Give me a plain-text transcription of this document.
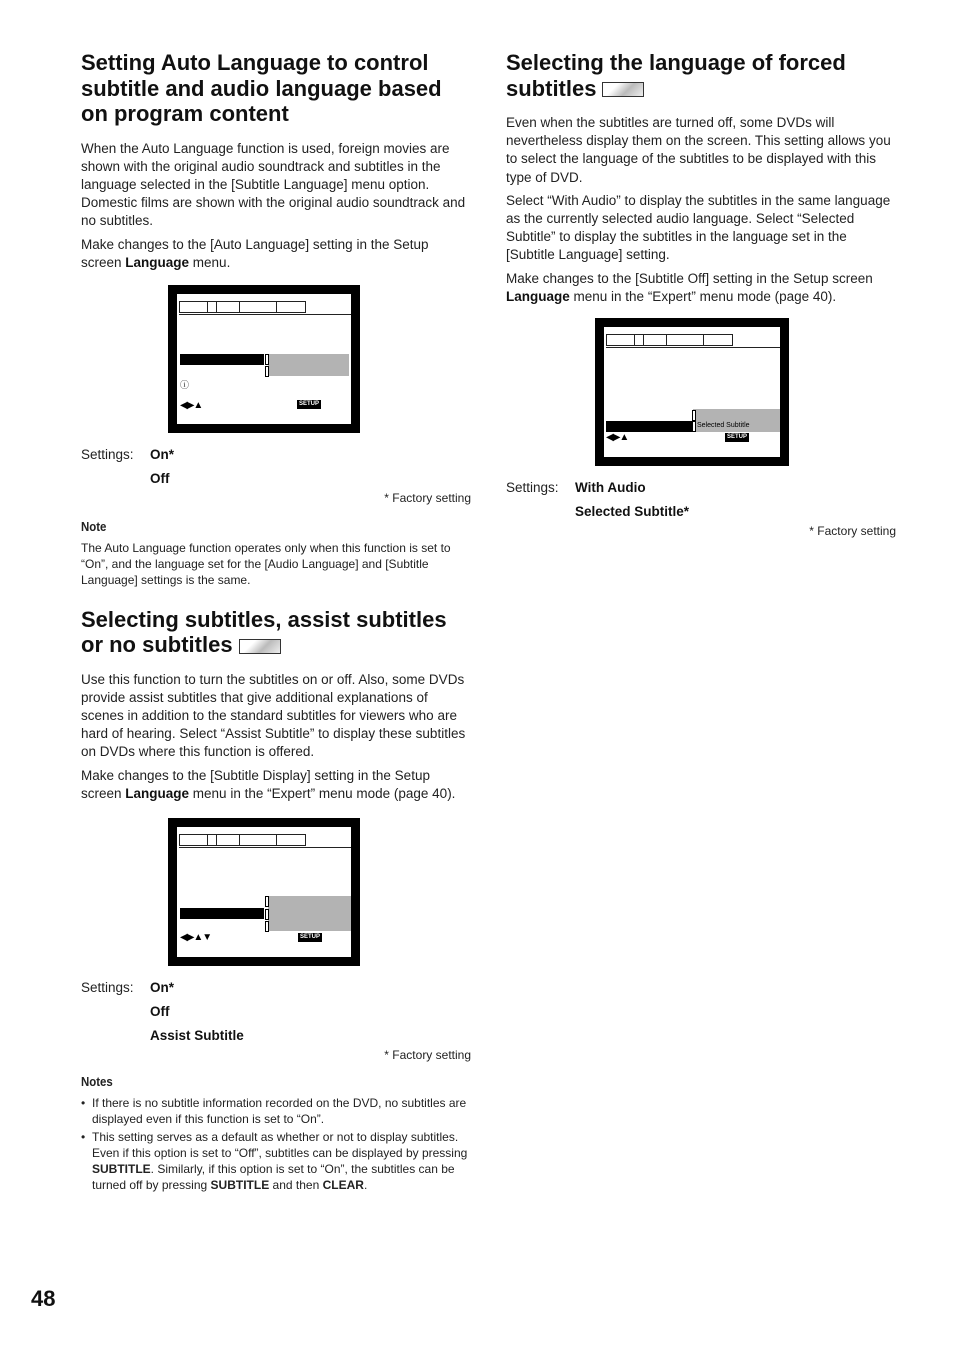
Setting Auto Language to control subtitle and audio language based on program content

When the Auto Language function is used, foreign movies are shown with the original audio soundtrack and subtitles in the language selected in the [Subtitle Language] menu option. Domestic films are shown with the original audio soundtrack and no subtitles.

Make changes to the [Auto Language] setting in the Setup screen Language menu.

ⓘ
◀▶▲	SETUP
Settings: On*
Off
* Factory setting
Note

The Auto Language function operates only when this function is set to “On”, and the language set for the [Audio Language] and [Subtitle Language] settings is the same.

Selecting subtitles, assist subtitles or no subtitles

Use this function to turn the subtitles on or off. Also, some DVDs provide assist subtitles that give additional explanations of scenes in addition to the standard subtitles for viewers who are hard of hearing. Select “Assist Subtitle” to display these subtitles on DVDs where this function is offered.

Make changes to the [Subtitle Display] setting in the Setup screen Language menu in the “Expert” menu mode (page 40).

◀▶▲▼	SETUP
Settings: On*
Off
Assist Subtitle
* Factory setting
Notes
• If there is no subtitle information recorded on the DVD, no subtitles are displayed even if this function is set to “On”.
• This setting serves as a default as whether or not to display subtitles. Even if this option is set to “Off”, subtitles can be displayed by pressing SUBTITLE. Similarly, if this option is set to “On”, the subtitles can be turned off by pressing SUBTITLE and then CLEAR.
Selecting the language of forced subtitles

Even when the subtitles are turned off, some DVDs will nevertheless display them on the screen. This setting allows you to select the language of the subtitles to be displayed with this type of DVD.

Select “With Audio” to display the subtitles in the same language as the currently selected audio language. Select “Selected Subtitle” to display the subtitles in the language set in the [Subtitle Language] setting.

Make changes to the [Subtitle Off] setting in the Setup screen Language menu in the “Expert” menu mode (page 40).

Selected Subtitle
◀▶▲	SETUP
Settings: With Audio
Selected Subtitle*
* Factory setting
48
